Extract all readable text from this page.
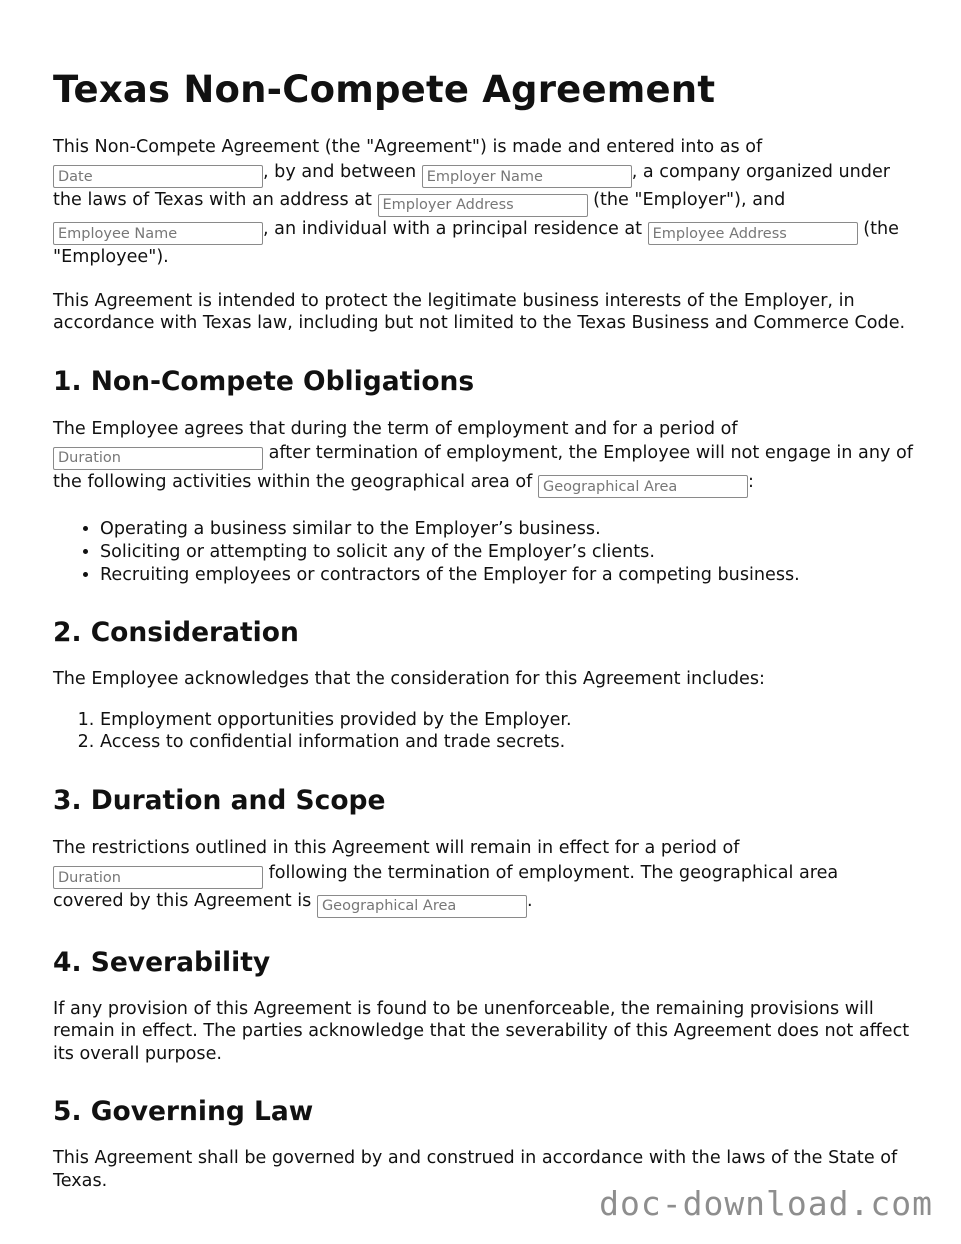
Texas Non-Compete Agreement

This Non-Compete Agreement (the "Agreement") is made and entered into as of Date, by and between Employer Name	, a company organized under the laws of Texas with an address at Employer Address	(the "Employer"), and Employee Name, an individual with a principal residence at Employee Address	(the "Employee").

This Agreement is intended to protect the legitimate business interests of the Employer, in accordance with Texas law, including but not limited to the Texas Business and Commerce Code.

1. Non-Compete Obligations

The Employee agrees that during the term of employment and for a period of Duration after termination of employment, the Employee will not engage in any of the following activities within the geographical area of Geographical Area	:

• Operating a business similar to the Employer’s business.
• Soliciting or attempting to solicit any of the Employer’s clients.
• Recruiting employees or contractors of the Employer for a competing business.
2. Consideration

The Employee acknowledges that the consideration for this Agreement includes:

1. Employment opportunities provided by the Employer.
2. Access to confidential information and trade secrets.
3. Duration and Scope

The restrictions outlined in this Agreement will remain in effect for a period of Duration following the termination of employment. The geographical area covered by this Agreement is Geographical Area	.

4. Severability

If any provision of this Agreement is found to be unenforceable, the remaining provisions will remain in effect. The parties acknowledge that the severability of this Agreement does not affect its overall purpose.

5. Governing Law

This Agreement shall be governed by and construed in accordance with the laws of the State of Texas.

doc-download.com
